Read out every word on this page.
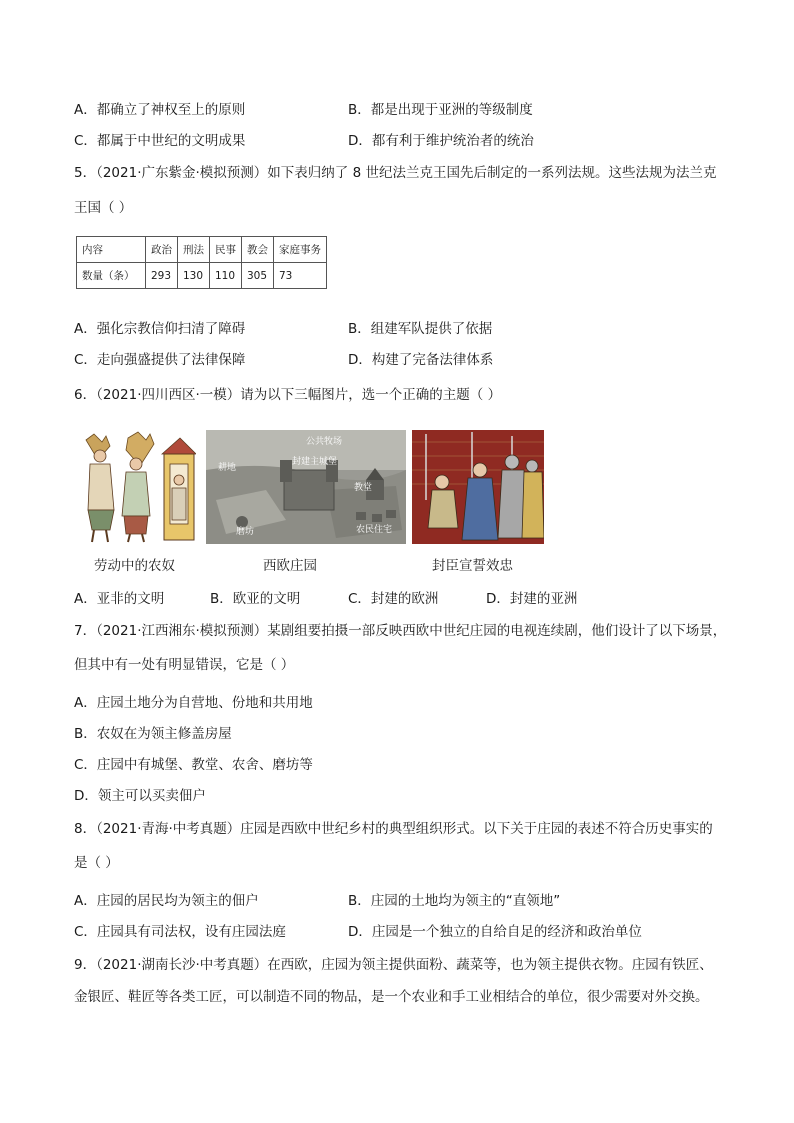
A．都确立了神权至上的原则	B．都是出现于亚洲的等级制度
C．都属于中世纪的文明成果	D．都有利于维护统治者的统治
5．（2021·广东紫金·模拟预测）如下表归纳了 8 世纪法兰克王国先后制定的一系列法规。这些法规为法兰克
王国（ ）
内容	政治	刑法	民事	教会	家庭事务
数量（条）	293	130	110	305	73
A．强化宗教信仰扫清了障碍	B．组建军队提供了依据
C．走向强盛提供了法律保障	D．构建了完备法律体系
6．（2021·四川西区·一模）请为以下三幅图片，选一个正确的主题（ ）
公共牧场
耕地
封建主城堡
教堂
磨坊	农民住宅
劳动中的农奴	西欧庄园	封臣宣誓效忠
A．亚非的文明	B．欧亚的文明	C．封建的欧洲	D．封建的亚洲
7．（2021·江西湘东·模拟预测）某剧组要拍摄一部反映西欧中世纪庄园的电视连续剧，他们设计了以下场景，
但其中有一处有明显错误，它是（ ）
A．庄园土地分为自营地、份地和共用地
B．农奴在为领主修盖房屋
C．庄园中有城堡、教堂、农舍、磨坊等
D．领主可以买卖佃户
8．（2021·青海·中考真题）庄园是西欧中世纪乡村的典型组织形式。以下关于庄园的表述不符合历史事实的
是（ ）
A．庄园的居民均为领主的佃户	B．庄园的土地均为领主的“直领地”
C．庄园具有司法权，设有庄园法庭	D．庄园是一个独立的自给自足的经济和政治单位
9．（2021·湖南长沙·中考真题）在西欧，庄园为领主提供面粉、蔬菜等，也为领主提供衣物。庄园有铁匠、
金银匠、鞋匠等各类工匠，可以制造不同的物品，是一个农业和手工业相结合的单位，很少需要对外交换。
